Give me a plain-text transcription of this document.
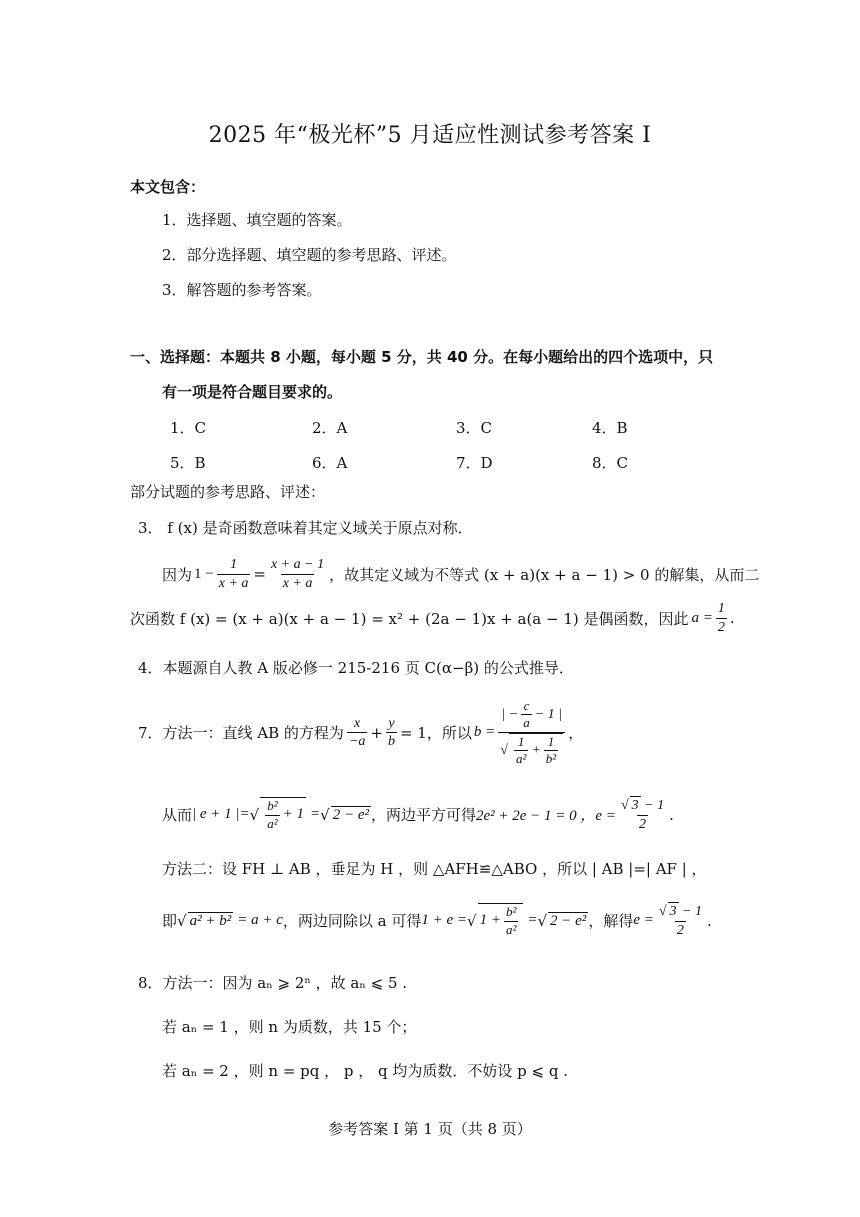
2025 年“极光杯”5 月适应性测试参考答案 I
本文包含：
1．选择题、填空题的答案。
2．部分选择题、填空题的参考思路、评述。
3．解答题的参考答案。
一、选择题：本题共 8 小题，每小题 5 分，共 40 分。在每小题给出的四个选项中，只
有一项是符合题目要求的。
1．C	2．A	3．C	4．B
5．B	6．A	7．D	8．C
部分试题的参考思路、评述：
3． f (x) 是奇函数意味着其定义域关于原点对称．
因为 $1 - \frac{1}{x + a} = \frac{x + a - 1}{x + a}$ ，故其定义域为不等式 (x + a)(x + a − 1) > 0 的解集，从而二
次函数 f (x) = (x + a)(x + a − 1) = x² + (2a − 1)x + a(a − 1) 是偶函数，因此 $a = \frac{1}{2}$ .
4．本题源自人教 A 版必修一 215-216 页 C(α−β) 的公式推导．
7．方法一：直线 AB 的方程为 $\frac{x}{-a} + \frac{y}{b} = 1$ ，所以 $b = \frac{| - \frac{c}{a} - 1 |}{√ \frac{1}{\text{a²}} + \frac{1}{\text{b²}}}$ ，
从而 | e + 1 |= √ $\frac{\text{b²}}{\text{a²}} + 1$ = √ 2 − e² ，两边平方可得 2e² + 2e − 1 = 0 ，$e = \frac{√ 3 - 1}{2}$ .
方法二：设 FH ⊥ AB ，垂足为 H ，则 △AFH≌△ABO ，所以 | AB |=| AF | ，
即 √ a² + b² = a + c ，两边同除以 a 可得 1 + e = √ $1 + \frac{\text{b²}}{\text{a²}}$ = √ 2 − e² ，解得 $e = \frac{√ 3 - 1}{2}$ .
8．方法一：因为 aₙ ⩾ 2ⁿ ，故 aₙ ⩽ 5 .
若 aₙ = 1 ，则 n 为质数，共 15 个；
若 aₙ = 2 ，则 n = pq ， p ， q 均为质数．不妨设 p ⩽ q .
参考答案 I 第 1 页（共 8 页）
